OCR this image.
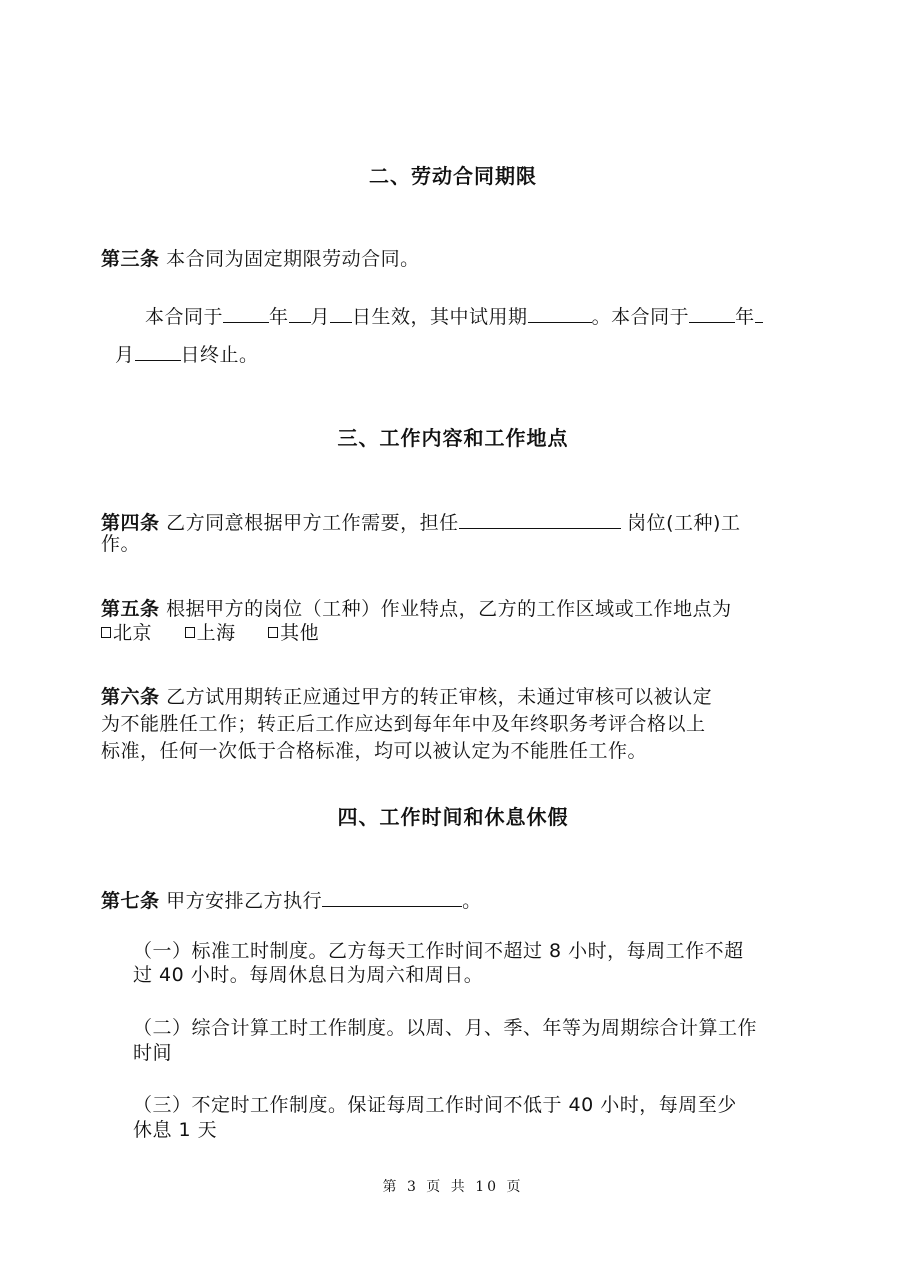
二、劳动合同期限
第三条 本合同为固定期限劳动合同。
本合同于 年 月 日生效，其中试用期	。本合同于 年
月 日终止。
三、工作内容和工作地点
第四条 乙方同意根据甲方工作需要，担任	岗位(工种)工
作。
第五条 根据甲方的岗位（工种）作业特点，乙方的工作区域或工作地点为
北京 上海 其他
第六条 乙方试用期转正应通过甲方的转正审核，未通过审核可以被认定
为不能胜任工作；转正后工作应达到每年年中及年终职务考评合格以上
标准，任何一次低于合格标准，均可以被认定为不能胜任工作。
四、工作时间和休息休假
第七条 甲方安排乙方执行	。
（一）标准工时制度。乙方每天工作时间不超过 8 小时，每周工作不超
过 40 小时。每周休息日为周六和周日。
（二）综合计算工时工作制度。以周、月、季、年等为周期综合计算工作
时间
（三）不定时工作制度。保证每周工作时间不低于 40 小时，每周至少
休息 1 天
第 3 页 共 10 页
